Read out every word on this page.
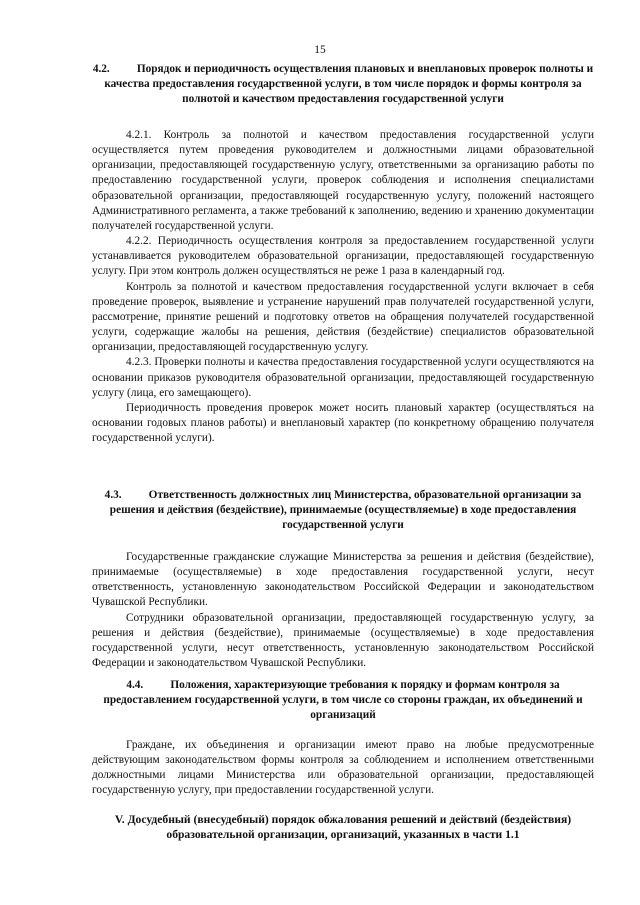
15
4.2. Порядок и периодичность осуществления плановых и внеплановых проверок полноты и качества предоставления государственной услуги, в том числе порядок и формы контроля за полнотой и качеством предоставления государственной услуги

4.2.1. Контроль за полнотой и качеством предоставления государственной услуги осуществляется путем проведения руководителем и должностными лицами образовательной организации, предоставляющей государственную услугу, ответственными за организацию работы по предоставлению государственной услуги, проверок соблюдения и исполнения специалистами образовательной организации, предоставляющей государственную услугу, положений настоящего Административного регламента, а также требований к заполнению, ведению и хранению документации получателей государственной услуги.

4.2.2. Периодичность осуществления контроля за предоставлением государственной услуги устанавливается руководителем образовательной организации, предоставляющей государственную услугу. При этом контроль должен осуществляться не реже 1 раза в календарный год.

Контроль за полнотой и качеством предоставления государственной услуги включает в себя проведение проверок, выявление и устранение нарушений прав получателей государственной услуги, рассмотрение, принятие решений и подготовку ответов на обращения получателей государственной услуги, содержащие жалобы на решения, действия (бездействие) специалистов образовательной организации, предоставляющей государственную услугу.

4.2.3. Проверки полноты и качества предоставления государственной услуги осуществляются на основании приказов руководителя образовательной организации, предоставляющей государственную услугу (лица, его замещающего).

Периодичность проведения проверок может носить плановый характер (осуществляться на основании годовых планов работы) и внеплановый характер (по конкретному обращению получателя государственной услуги).

4.3. Ответственность должностных лиц Министерства, образовательной организации за решения и действия (бездействие), принимаемые (осуществляемые) в ходе предоставления государственной услуги

Государственные гражданские служащие Министерства за решения и действия (бездействие), принимаемые (осуществляемые) в ходе предоставления государственной услуги, несут ответственность, установленную законодательством Российской Федерации и законодательством Чувашской Республики.

Сотрудники образовательной организации, предоставляющей государственную услугу, за решения и действия (бездействие), принимаемые (осуществляемые) в ходе предоставления государственной услуги, несут ответственность, установленную законодательством Российской Федерации и законодательством Чувашской Республики.

4.4. Положения, характеризующие требования к порядку и формам контроля за предоставлением государственной услуги, в том числе со стороны граждан, их объединений и организаций

Граждане, их объединения и организации имеют право на любые предусмотренные действующим законодательством формы контроля за соблюдением и исполнением ответственными должностными лицами Министерства или образовательной организации, предоставляющей государственную услугу, при предоставлении государственной услуги.

V. Досудебный (внесудебный) порядок обжалования решений и действий (бездействия) образовательной организации, организаций, указанных в части 1.1
